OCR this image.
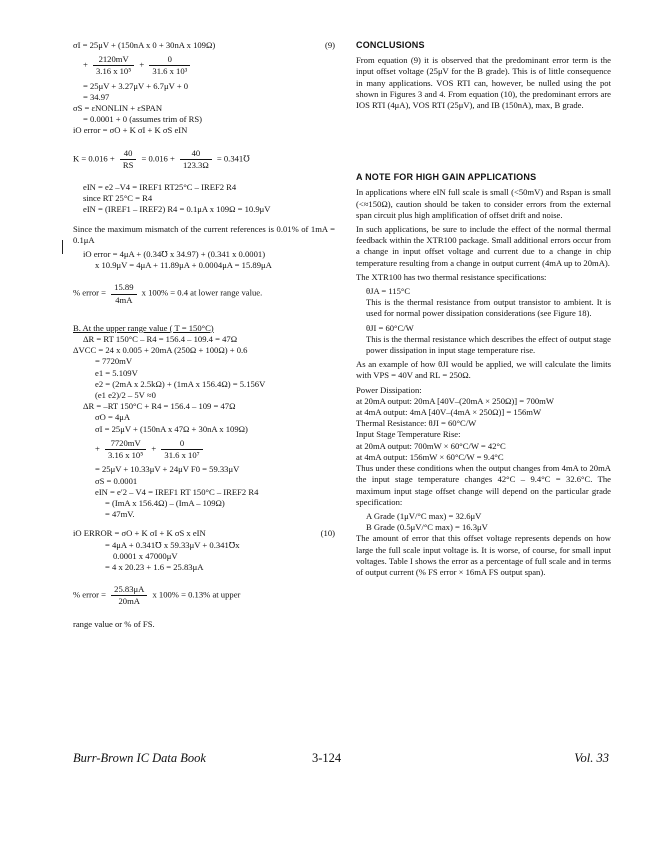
σI = 25μV + (150nA x 0 + 30nA x 109Ω)	(9)
+ $\frac{2120mV}{\text{3.16 x 10⁵}} + \frac{0}{\text{31.6 x 10³}}$
= 25μV + 3.27μV + 6.7μV + 0
= 34.97
σS = εNONLIN + εSPAN
= 0.0001 + 0 (assumes trim of RS)
iO error = σO + K σI + K σS eIN
$K = 0.016 + \frac{40}{RS} = 0.016 + \frac{40}{123.3\Omega}$ = 0.341℧
eIN = e2 –V4 = IREF1 RT25°C – IREF2 R4
since RT 25°C = R4
eIN = (IREF1 – IREF2) R4 = 0.1μA x 109Ω = 10.9μV

Since the maximum mismatch of the current references is 0.01% of 1mA = 0.1μA

iO error = 4μA + (0.34℧ x 34.97) + (0.341 x 0.0001)
x 10.9μV = 4μA + 11.89μA + 0.0004μA = 15.89μA
% error = $\frac{15.89}{4mA}$ x 100% = 0.4 at lower range value.
B. At the upper range value ( T = 150°C)
ΔR = RT 150°C – R4 = 156.4 – 109.4 = 47Ω
ΔVCC = 24 x 0.005 + 20mA (250Ω + 100Ω) + 0.6
= 7720mV
e1 = 5.109V
e2 = (2mA x 2.5kΩ) + (1mA x 156.4Ω) = 5.156V
(e1 e2)/2 – 5V ≈0
ΔR = –RT 150°C + R4 = 156.4 – 109 = 47Ω
σO = 4μA
σI = 25μV + (150nA x 47Ω + 30nA x 109Ω)
+ $\frac{7720mV}{\text{3.16 x 10⁵}} + \frac{0}{\text{31.6 x 10⁷}}$
= 25μV + 10.33μV + 24μV F0 = 59.33μV
σS = 0.0001
eIN = e′2 – V4 = IREF1 RT 150°C – IREF2 R4
= (ImA x 156.4Ω) – (ImA – 109Ω)
= 47mV.
iO ERROR = σO + K σI + K σS x eIN	(10)
= 4μA + 0.341℧ x 59.33μV + 0.341℧x
0.0001 x 47000μV
= 4 x 20.23 + 1.6 = 25.83μA
% error = $\frac{25.83\mu A}{20mA}$ x 100% = 0.13% at upper
range value or % of FS.
CONCLUSIONS

From equation (9) it is observed that the predominant error term is the input offset voltage (25μV for the B grade). This is of little consequence in many applications. VOS RTI can, however, be nulled using the pot shown in Figures 3 and 4. From equation (10), the predominant errors are IOS RTI (4μA), VOS RTI (25μV), and IB (150nA), max, B grade.

A NOTE FOR HIGH GAIN APPLICATIONS

In applications where eIN full scale is small (<50mV) and Rspan is small (<≈150Ω), caution should be taken to consider errors from the external span circuit plus high amplification of offset drift and noise.

In such applications, be sure to include the effect of the normal thermal feedback within the XTR100 package. Small additional errors occur from a change in input offset voltage and current due to a change in chip temperature resulting from a change in output current (4mA up to 20mA).

The XTR100 has two thermal resistance specifications:

θJA = 115°C

This is the thermal resistance from output transistor to ambient. It is used for normal power dissipation considerations (see Figure 18).

θJI = 60°C/W

This is the thermal resistance which describes the effect of output stage power dissipation in input stage temperature rise.

As an example of how θJI would be applied, we will calculate the limits with VPS = 40V and RL = 250Ω.

Power Dissipation:
at 20mA output: 20mA [40V–(20mA × 250Ω)] = 700mW
at 4mA output: 4mA [40V–(4mA × 250Ω)] = 156mW
Thermal Resistance: θJI = 60°C/W
Input Stage Temperature Rise:
at 20mA output: 700mW × 60°C/W = 42°C
at 4mA output: 156mW × 60°C/W = 9.4°C

Thus under these conditions when the output changes from 4mA to 20mA the input stage temperature changes 42°C – 9.4°C = 32.6°C. The maximum input stage offset change will depend on the particular grade specification:

A Grade (1μV/°C max) = 32.6μV
B Grade (0.5μV/°C max) = 16.3μV

The amount of error that this offset voltage represents depends on how large the full scale input voltage is. It is worse, of course, for small input voltages. Table I shows the error as a percentage of full scale and in terms of output current (% FS error × 16mA FS output span).

Burr-Brown IC Data Book	3-124	Vol. 33
